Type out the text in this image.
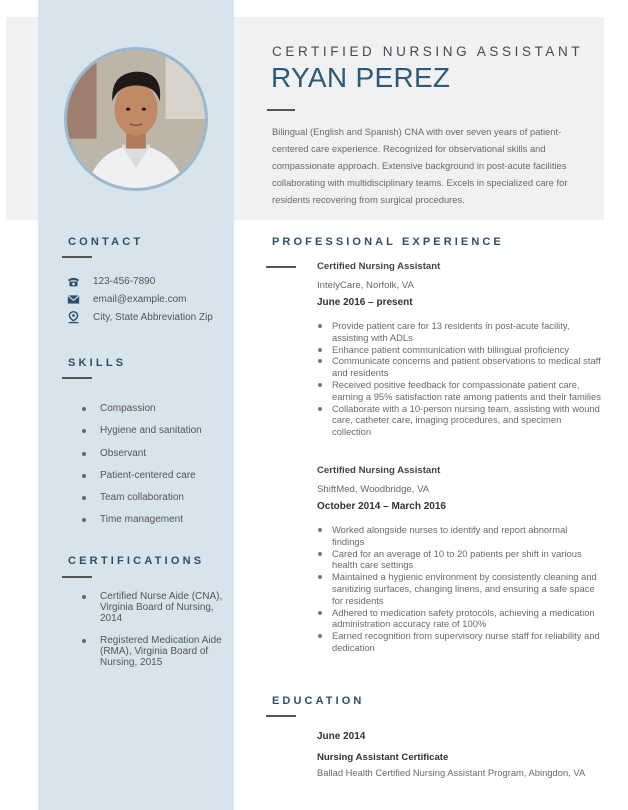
CERTIFIED NURSING ASSISTANT
RYAN PEREZ

Bilingual (English and Spanish) CNA with over seven years of patient-centered care experience. Recognized for observational skills and compassionate approach. Extensive background in post-acute facilities collaborating with multidisciplinary teams. Excels in specialized care for residents recovering from surgical procedures.

CONTACT
123-456-7890
email@example.com
City, State Abbreviation Zip
SKILLS
Compassion
Hygiene and sanitation
Observant
Patient-centered care
Team collaboration
Time management
CERTIFICATIONS
Certified Nurse Aide (CNA), Virginia Board of Nursing, 2014
Registered Medication Aide (RMA), Virginia Board of Nursing, 2015
PROFESSIONAL EXPERIENCE
Certified Nursing Assistant
IntelyCare, Norfolk, VA
June 2016 – present
Provide patient care for 13 residents in post-acute facility, assisting with ADLs
Enhance patient communication with bilingual proficiency
Communicate concerns and patient observations to medical staff and residents
Received positive feedback for compassionate patient care, earning a 95% satisfaction rate among patients and their families
Collaborate with a 10-person nursing team, assisting with wound care, catheter care, imaging procedures, and specimen collection
Certified Nursing Assistant
ShiftMed, Woodbridge, VA
October 2014 – March 2016
Worked alongside nurses to identify and report abnormal findings
Cared for an average of 10 to 20 patients per shift in various health care settings
Maintained a hygienic environment by consistently cleaning and sanitizing surfaces, changing linens, and ensuring a safe space for residents
Adhered to medication safety protocols, achieving a medication administration accuracy rate of 100%
Earned recognition from supervisory nurse staff for reliability and dedication
EDUCATION
June 2014
Nursing Assistant Certificate
Ballad Health Certified Nursing Assistant Program, Abingdon, VA
